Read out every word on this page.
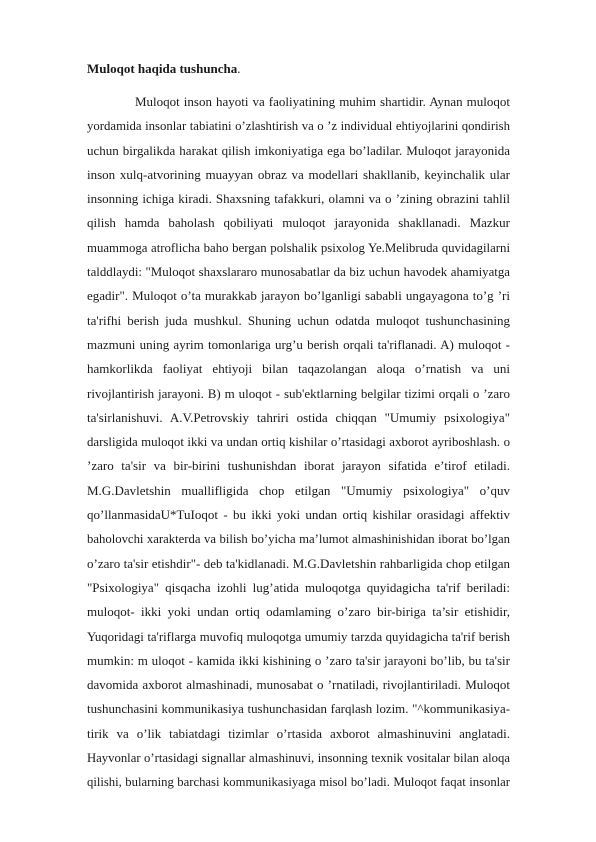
Muloqot haqida tushuncha.
Muloqot inson hayoti va faoliyatining muhim shartidir. Aynan muloqot
yordamida insonlar tabiatini o’zlashtirish va o ’z individual ehtiyojlarini qondirish
uchun birgalikda harakat qilish imkoniyatiga ega bo’ladilar. Muloqot jarayonida
inson xulq-atvorining muayyan obraz va modellari shakllanib, keyinchalik ular
insonning ichiga kiradi. Shaxsning tafakkuri, olamni va o ’zining obrazini tahlil
qilish hamda baholash qobiliyati muloqot jarayonida shakllanadi. Mazkur
muammoga atroflicha baho bergan polshalik psixolog Ye.Melibruda quvidagilarni
talddlaydi: "Muloqot shaxslararo munosabatlar da biz uchun havodek ahamiyatga
egadir". Muloqot o’ta murakkab jarayon bo’lganligi sababli ungayagona to’g ’ri
ta'rifhi berish juda mushkul. Shuning uchun odatda muloqot tushunchasining
mazmuni uning ayrim tomonlariga urg’u berish orqali ta'riflanadi. A) muloqot -
hamkorlikda faoliyat ehtiyoji bilan taqazolangan aloqa o’rnatish va uni
rivojlantirish jarayoni. B) m uloqot - sub'ektlarning belgilar tizimi orqali o ’zaro
ta'sirlanishuvi. A.V.Petrovskiy tahriri ostida chiqqan "Umumiy psixologiya"
darsligida muloqot ikki va undan ortiq kishilar o’rtasidagi axborot ayriboshlash. o
’zaro ta'sir va bir-birini tushunishdan iborat jarayon sifatida e’tirof etiladi.
M.G.Davletshin muallifligida chop etilgan "Umumiy psixologiya" o’quv
qo’llanmasidaU*TuIoqot - bu ikki yoki undan ortiq kishilar orasidagi affektiv
baholovchi xarakterda va bilish bo’yicha ma’lumot almashinishidan iborat bo’lgan
o’zaro ta'sir etishdir"- deb ta'kidlanadi. M.G.Davletshin rahbarligida chop etilgan
"Psixologiya" qisqacha izohli lug’atida muloqotga quyidagicha ta'rif beriladi:
muloqot- ikki yoki undan ortiq odamlaming o’zaro bir-biriga ta’sir etishidir,
Yuqoridagi ta'riflarga muvofiq muloqotga umumiy tarzda quyidagicha ta'rif berish
mumkin: m uloqot - kamida ikki kishining o ’zaro ta'sir jarayoni bo’lib, bu ta'sir
davomida axborot almashinadi, munosabat o ’rnatiladi, rivojlantiriladi. Muloqot
tushunchasini kommunikasiya tushunchasidan farqlash lozim. "^kommunikasiya-
tirik va o’lik tabiatdagi tizimlar o’rtasida axborot almashinuvini anglatadi.
Hayvonlar o’rtasidagi signallar almashinuvi, insonning texnik vositalar bilan aloqa
qilishi, bularning barchasi kommunikasiyaga misol bo’ladi. Muloqot faqat insonlar
